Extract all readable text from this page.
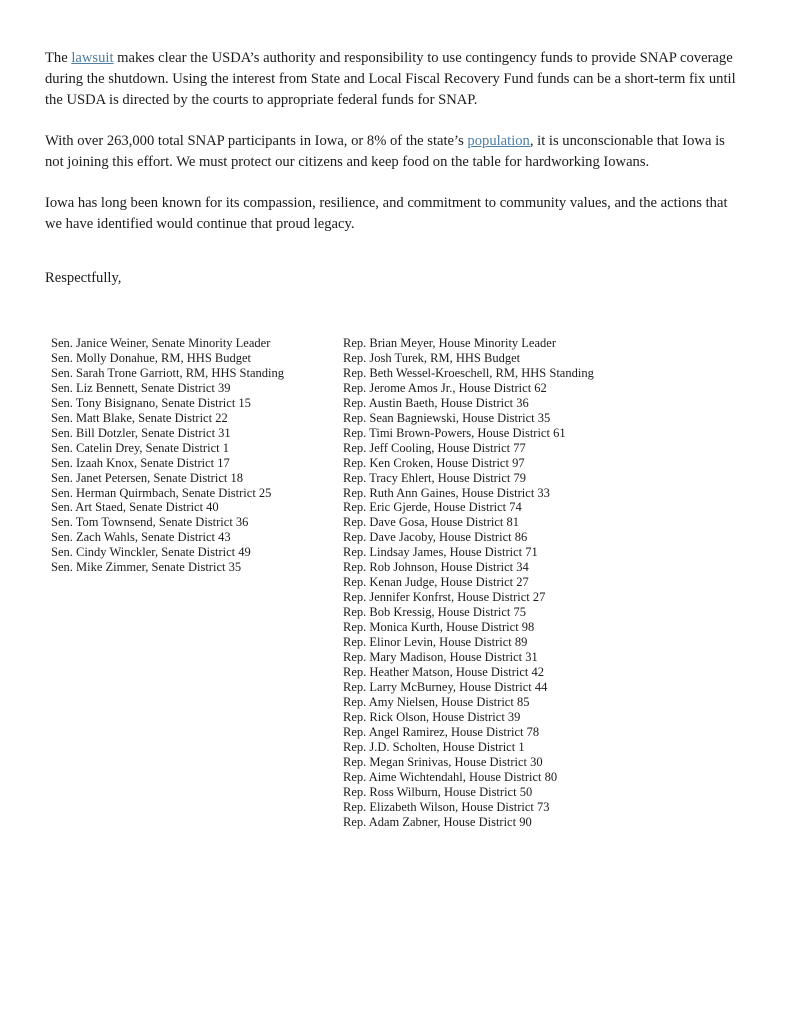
The lawsuit makes clear the USDA’s authority and responsibility to use contingency funds to provide SNAP coverage during the shutdown. Using the interest from State and Local Fiscal Recovery Fund funds can be a short-term fix until the USDA is directed by the courts to appropriate federal funds for SNAP.

With over 263,000 total SNAP participants in Iowa, or 8% of the state’s population, it is unconscionable that Iowa is not joining this effort. We must protect our citizens and keep food on the table for hardworking Iowans.

Iowa has long been known for its compassion, resilience, and commitment to community values, and the actions that we have identified would continue that proud legacy.

Respectfully,

Sen. Janice Weiner, Senate Minority Leader
Sen. Molly Donahue, RM, HHS Budget
Sen. Sarah Trone Garriott, RM, HHS Standing
Sen. Liz Bennett, Senate District 39
Sen. Tony Bisignano, Senate District 15
Sen. Matt Blake, Senate District 22
Sen. Bill Dotzler, Senate District 31
Sen. Catelin Drey, Senate District 1
Sen. Izaah Knox, Senate District 17
Sen. Janet Petersen, Senate District 18
Sen. Herman Quirmbach, Senate District 25
Sen. Art Staed, Senate District 40
Sen. Tom Townsend, Senate District 36
Sen. Zach Wahls, Senate District 43
Sen. Cindy Winckler, Senate District 49
Sen. Mike Zimmer, Senate District 35
Rep. Brian Meyer, House Minority Leader
Rep. Josh Turek, RM, HHS Budget
Rep. Beth Wessel-Kroeschell, RM, HHS Standing
Rep. Jerome Amos Jr., House District 62
Rep. Austin Baeth, House District 36
Rep. Sean Bagniewski, House District 35
Rep. Timi Brown-Powers, House District 61
Rep. Jeff Cooling, House District 77
Rep. Ken Croken, House District 97
Rep. Tracy Ehlert, House District 79
Rep. Ruth Ann Gaines, House District 33
Rep. Eric Gjerde, House District 74
Rep. Dave Gosa, House District 81
Rep. Dave Jacoby, House District 86
Rep. Lindsay James, House District 71
Rep. Rob Johnson, House District 34
Rep. Kenan Judge, House District 27
Rep. Jennifer Konfrst, House District 27
Rep. Bob Kressig, House District 75
Rep. Monica Kurth, House District 98
Rep. Elinor Levin, House District 89
Rep. Mary Madison, House District 31
Rep. Heather Matson, House District 42
Rep. Larry McBurney, House District 44
Rep. Amy Nielsen, House District 85
Rep. Rick Olson, House District 39
Rep. Angel Ramirez, House District 78
Rep. J.D. Scholten, House District 1
Rep. Megan Srinivas, House District 30
Rep. Aime Wichtendahl, House District 80
Rep. Ross Wilburn, House District 50
Rep. Elizabeth Wilson, House District 73
Rep. Adam Zabner, House District 90
